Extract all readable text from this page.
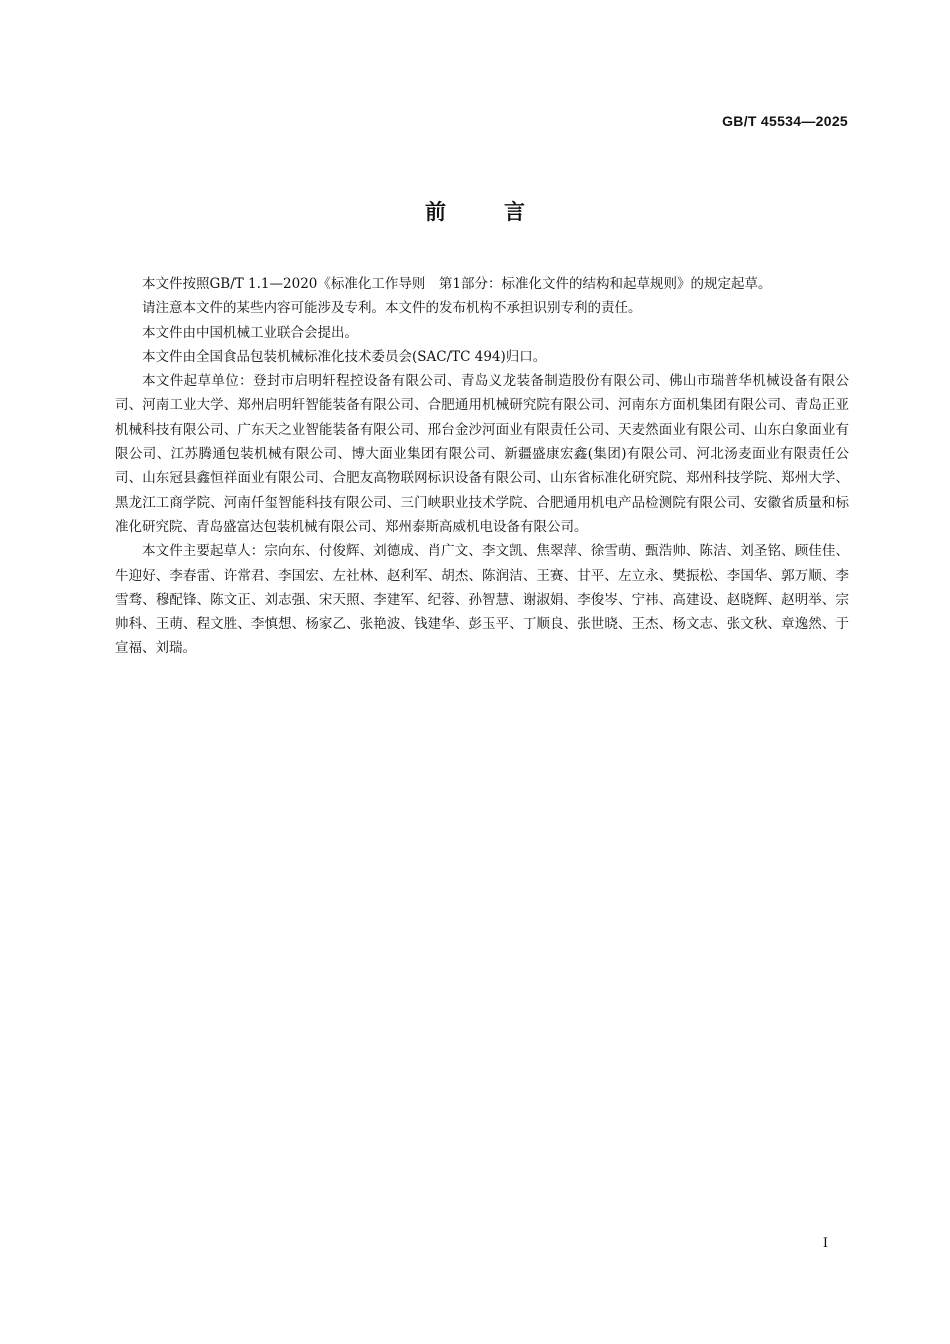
GB/T 45534—2025
前言

本文件按照GB/T 1.1—2020《标准化工作导则　第1部分：标准化文件的结构和起草规则》的规定起草。

请注意本文件的某些内容可能涉及专利。本文件的发布机构不承担识别专利的责任。

本文件由中国机械工业联合会提出。

本文件由全国食品包装机械标准化技术委员会(SAC/TC 494)归口。

本文件起草单位：登封市启明轩程控设备有限公司、青岛义龙装备制造股份有限公司、佛山市瑞普华机械设备有限公司、河南工业大学、郑州启明轩智能装备有限公司、合肥通用机械研究院有限公司、河南东方面机集团有限公司、青岛正亚机械科技有限公司、广东天之业智能装备有限公司、邢台金沙河面业有限责任公司、天麦然面业有限公司、山东白象面业有限公司、江苏腾通包装机械有限公司、博大面业集团有限公司、新疆盛康宏鑫(集团)有限公司、河北汤麦面业有限责任公司、山东冠县鑫恒祥面业有限公司、合肥友高物联网标识设备有限公司、山东省标准化研究院、郑州科技学院、郑州大学、黑龙江工商学院、河南仟玺智能科技有限公司、三门峡职业技术学院、合肥通用机电产品检测院有限公司、安徽省质量和标准化研究院、青岛盛富达包装机械有限公司、郑州泰斯高威机电设备有限公司。

本文件主要起草人：宗向东、付俊辉、刘德成、肖广文、李文凯、焦翠萍、徐雪萌、甄浩帅、陈洁、刘圣铭、顾佳佳、牛迎好、李春雷、许常君、李国宏、左社林、赵利军、胡杰、陈润洁、王赛、甘平、左立永、樊振松、李国华、郭万顺、李雪骛、穆配锋、陈文正、刘志强、宋天照、李建军、纪蓉、孙智慧、谢淑娟、李俊岑、宁祎、高建设、赵晓辉、赵明举、宗帅科、王萌、程文胜、李慎想、杨家乙、张艳波、钱建华、彭玉平、丁顺良、张世晓、王杰、杨文志、张文秋、章逸然、于宣福、刘瑞。

I
